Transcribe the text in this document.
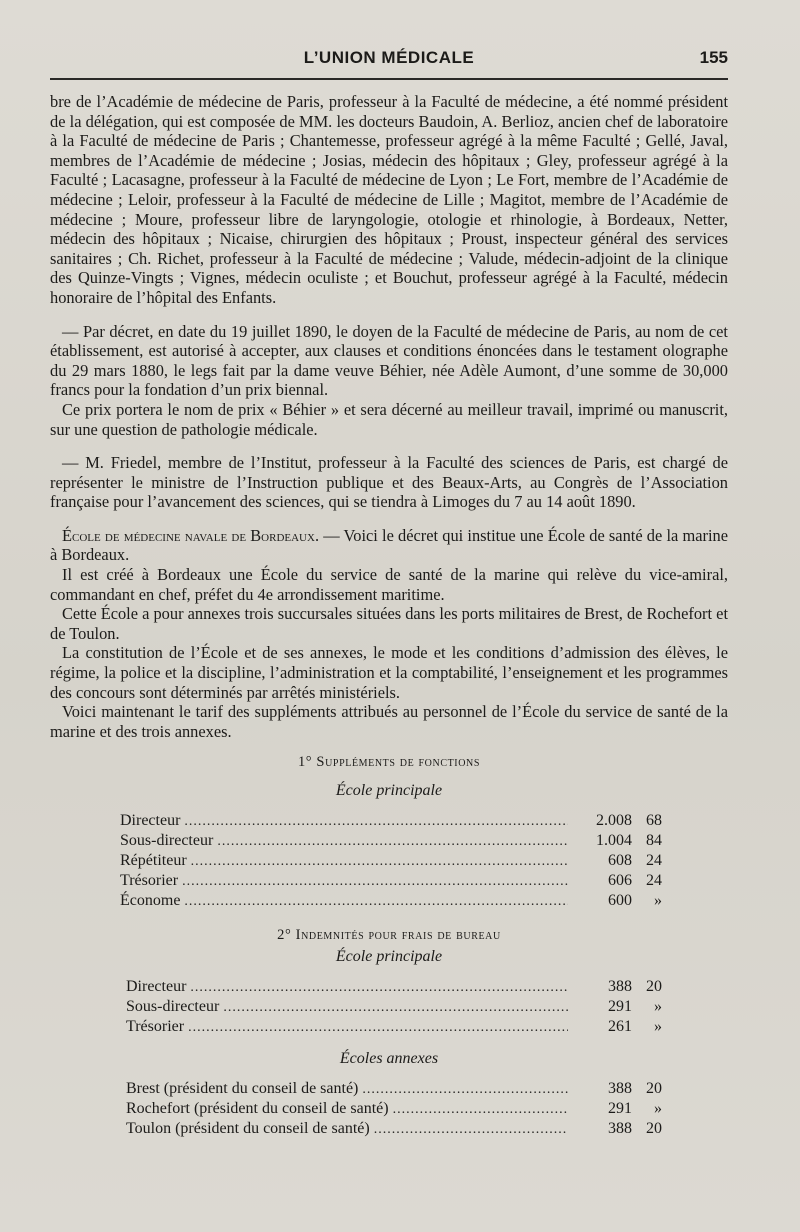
L’UNION MÉDICALE	155

bre de l’Académie de médecine de Paris, professeur à la Faculté de médecine, a été nommé président de la délégation, qui est composée de MM. les docteurs Baudoin, A. Berlioz, ancien chef de laboratoire à la Faculté de médecine de Paris ; Chantemesse, professeur agrégé à la même Faculté ; Gellé, Javal, membres de l’Académie de médecine ; Josias, médecin des hôpitaux ; Gley, professeur agrégé à la Faculté ; Lacasagne, professeur à la Faculté de médecine de Lyon ; Le Fort, membre de l’Académie de médecine ; Leloir, professeur à la Faculté de médecine de Lille ; Magitot, membre de l’Académie de médecine ; Moure, professeur libre de laryngologie, otologie et rhinologie, à Bordeaux, Netter, médecin des hôpitaux ; Nicaise, chirurgien des hôpitaux ; Proust, inspecteur général des services sanitaires ; Ch. Richet, professeur à la Faculté de médecine ; Valude, médecin-adjoint de la clinique des Quinze-Vingts ; Vignes, médecin oculiste ; et Bouchut, professeur agrégé à la Faculté, médecin honoraire de l’hôpital des Enfants.

— Par décret, en date du 19 juillet 1890, le doyen de la Faculté de médecine de Paris, au nom de cet établissement, est autorisé à accepter, aux clauses et conditions énoncées dans le testament olographe du 29 mars 1880, le legs fait par la dame veuve Béhier, née Adèle Aumont, d’une somme de 30,000 francs pour la fondation d’un prix biennal.

Ce prix portera le nom de prix « Béhier » et sera décerné au meilleur travail, imprimé ou manuscrit, sur une question de pathologie médicale.

— M. Friedel, membre de l’Institut, professeur à la Faculté des sciences de Paris, est chargé de représenter le ministre de l’Instruction publique et des Beaux-Arts, au Congrès de l’Association française pour l’avancement des sciences, qui se tiendra à Limoges du 7 au 14 août 1890.

École de médecine navale de Bordeaux. — Voici le décret qui institue une École de santé de la marine à Bordeaux.

Il est créé à Bordeaux une École du service de santé de la marine qui relève du vice-amiral, commandant en chef, préfet du 4e arrondissement maritime.

Cette École a pour annexes trois succursales situées dans les ports militaires de Brest, de Rochefort et de Toulon.

La constitution de l’École et de ses annexes, le mode et les conditions d’admission des élèves, le régime, la police et la discipline, l’administration et la comptabilité, l’enseignement et les programmes des concours sont déterminés par arrêtés ministériels.

Voici maintenant le tarif des suppléments attribués au personnel de l’École du service de santé de la marine et des trois annexes.

1° Suppléments de fonctions
École principale
Directeur .....	2.008 68
Sous-directeur .....	1.004 84
Répétiteur .....	608 24
Trésorier .....	606 24
Économe .....	600 »
2° Indemnités pour frais de bureau
École principale
Directeur .....	388 20
Sous-directeur .....	291 »
Trésorier .....	261 »
Écoles annexes
Brest (président du conseil de santé) .....	388 20
Rochefort (président du conseil de santé) .....	291 »
Toulon (président du conseil de santé) .....	388 20
